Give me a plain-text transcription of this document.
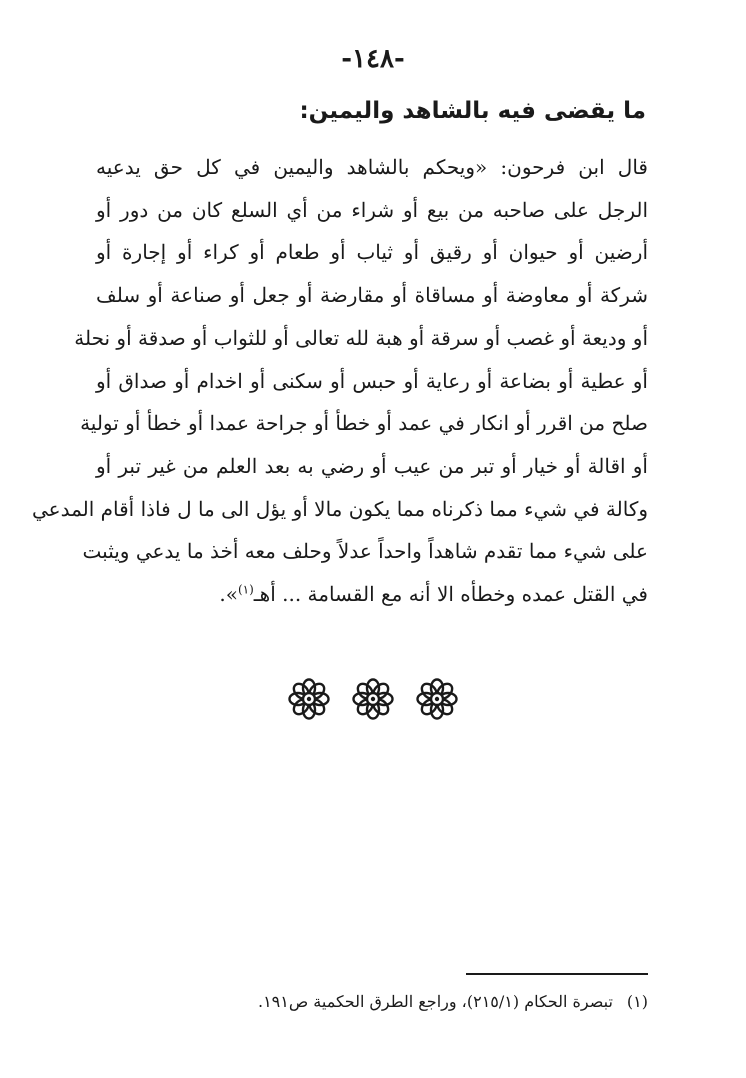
-١٤٨-
ما يقضى فيه بالشاهد واليمين:
قال ابن فرحون: «ويحكم بالشاهد واليمين في كل حق يدعيه
الرجل على صاحبه من بيع أو شراء من أي السلع كان من دور أو
أرضين أو حيوان أو رقيق أو ثياب أو طعام أو كراء أو إجارة أو
شركة أو معاوضة أو مساقاة أو مقارضة أو جعل أو صناعة أو سلف
أو وديعة أو غصب أو سرقة أو هبة لله تعالى أو للثواب أو صدقة أو نحلة
أو عطية أو بضاعة أو رعاية أو حبس أو سكنى أو اخدام أو صداق أو
صلح من اقرر أو انكار في عمد أو خطأ أو جراحة عمدا أو خطأ أو تولية
أو اقالة أو خيار أو تبر من عيب أو رضي به بعد العلم من غير تبر أو
وكالة في شيء مما ذكرناه مما يكون مالا أو يؤل الى ما ل فاذا أقام المدعي
على شيء مما تقدم شاهداً واحداً عدلاً وحلف معه أخذ ما يدعي ويثبت
في القتل عمده وخطأه الا أنه مع القسامة ... أهـ$^{(١)}$».
(١)تبصرة الحكام (٢١٥/١)، وراجع الطرق الحكمية ص١٩١.
